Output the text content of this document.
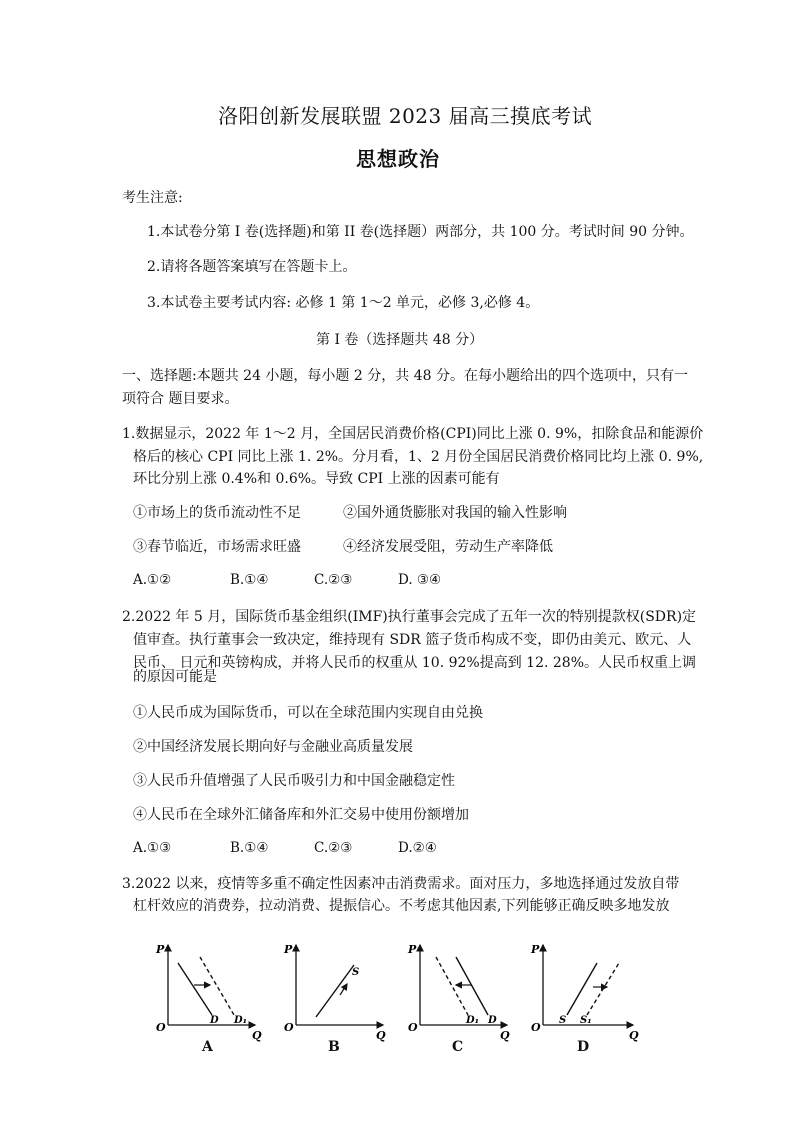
洛阳创新发展联盟 2023 届高三摸底考试
思想政治
考生注意:
1.本试卷分第 I 卷(选择题)和第 II 卷(选择题）两部分，共 100 分。考试时间 90 分钟。
2.请将各题答案填写在答题卡上。
3.本试卷主要考试内容: 必修 1 第 1～2 单元，必修 3,必修 4。
第 I 卷（选择题共 48 分）
一、选择题:本题共 24 小题，每小题 2 分，共 48 分。在每小题给出的四个选项中，只有一
项符合 题目要求。
1.数据显示，2022 年 1～2 月，全国居民消费价格(CPI)同比上涨 0. 9%，扣除食品和能源价
格后的核心 CPI 同比上涨 1. 2%。分月看，1、2 月份全国居民消费价格同比均上涨 0. 9%,
环比分别上涨 0.4%和 0.6%。导致 CPI 上涨的因素可能有
①市场上的货币流动性不足	②国外通货膨胀对我国的输入性影响
③春节临近，市场需求旺盛	④经济发展受阻，劳动生产率降低
A.①②	B.①④	C.②③	D. ③④
2.2022 年 5 月，国际货币基金组织(IMF)执行董事会完成了五年一次的特别提款权(SDR)定
值审查。执行董事会一致决定，维持现有 SDR 篮子货币构成不变，即仍由美元、欧元、人
民币、 日元和英镑构成，并将人民币的权重从 10. 92%提高到 12. 28%。人民币权重上调
的原因可能是
①人民币成为国际货币，可以在全球范围内实现自由兑换
②中国经济发展长期向好与金融业高质量发展
③人民币升值增强了人民币吸引力和中国金融稳定性
④人民币在全球外汇储备库和外汇交易中使用份额增加
A.①③	B.①④	C.②③	D.②④
3.2022 以来，疫情等多重不确定性因素冲击消费需求。面对压力，多地选择通过发放自带
杠杆效应的消费券，拉动消费、提振信心。不考虑其他因素,下列能够正确反映多地发放
P
O
Q
D D₁
A
P
O
Q
S
B
P
O
Q
D₁ D
C
P
O
Q
S S₁
D
